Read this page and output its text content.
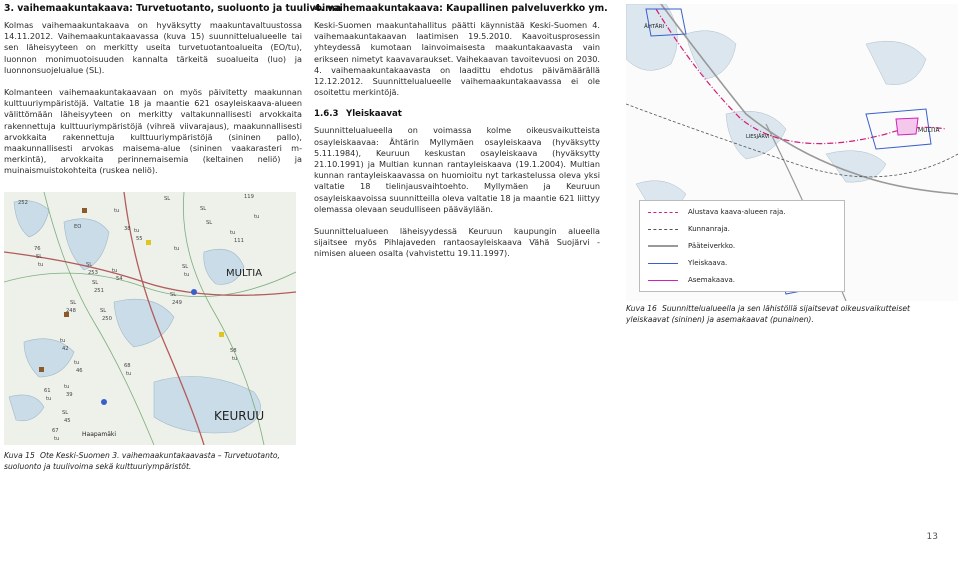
3. vaihemaakuntakaava: Turvetuotanto, suoluonto ja tuulivoima

Kolmas vaihemaakuntakaava on hyväksytty maakuntavaltuustossa 14.11.2012. Vaihemaakuntakaavassa (kuva 15) suunnittelualueelle tai sen läheisyyteen on merkitty useita turvetuotantoalueita (EO/tu), luonnon monimuotoisuuden kannalta tärkeitä suoalueita (luo) ja luonnonsuojelualue (SL).

Kolmanteen vaihemaakuntakaavaan on myös päivitetty maakunnan kulttuuriympäristöjä. Valtatie 18 ja maantie 621 osayleiskaava-alueen välittömään läheisyyteen on merkitty valtakunnallisesti arvokkaita rakennettuja kulttuuriympäristöjä (vihreä viivarajaus), maakunnallisesti arvokkaita rakennettuja kulttuuriympäristöjä (sininen pallo), maakunnallisesti arvokas maisema-alue (sininen vaakarasteri m-merkintä), arvokkaita perinnemaisemia (keltainen neliö) ja muinaismuistokohteita (ruskea neliö).

252
SL	119
tu	SL
tu
EO	38
SL
tu
111
tu
SL
253
SL
251
SL
248
tu
54
SL
250
SL
249
tu
42
tu
46
tu
39
SL
45
tu
55
SL
tu
61
tu
67
tu
68
tu
58
tu
76
SL
tu
MULTIA
KEURUU
Haapamäki
Kuva 15 Ote Keski-Suomen 3. vaihemaakuntakaavasta – Turvetuotanto, suoluonto ja tuulivoima sekä kulttuuriympäristöt.
4. vaihemaakuntakaava: Kaupallinen palveluverkko ym.

Keski-Suomen maakuntahallitus päätti käynnistää Keski-Suomen 4. vaihemaakuntakaavan laatimisen 19.5.2010. Kaavoitusprosessin yhteydessä kumotaan lainvoimaisesta maakuntakaavasta vain erikseen nimetyt kaavavaraukset. Vaihekaavan tavoitevuosi on 2030. 4. vaihemaakuntakaavasta on laadittu ehdotus päivämäärällä 12.12.2012. Suunnittelualueelle vaihemaakuntakaavassa ei ole osoitettu merkintöjä.

1.6.3 Yleiskaavat

Suunnittelualueella on voimassa kolme oikeusvaikutteista osayleiskaavaa: Ähtärin Myllymäen osayleiskaava (hyväksytty 5.11.1984), Keuruun keskustan osayleiskaava (hyväksytty 21.10.1991) ja Multian kunnan rantayleiskaava (19.1.2004). Multian kunnan rantayleiskaavassa on huomioitu nyt tarkastelussa oleva yksi valtatie 18 tielinjausvaihtoehto. Myllymäen ja Keuruun osayleiskaavoissa suunnitteilla oleva valtatie 18 ja maantie 621 liittyy olemassa olevaan seudulliseen pääväylään.

Suunnittelualueen läheisyydessä Keuruun kaupungin alueella sijaitsee myös Pihlajaveden rantaosayleiskaava Vähä Suojärvi -nimisen alueen osalta (vahvistettu 19.11.1997).

ÄHTÄRI
MULTIA
LIESJÄRVI
Alustava kaava-alueen raja.
Kunnanraja.
Pääteiverkko.
Yleiskaava.
Asemakaava.
Kuva 16 Suunnittelualueella ja sen lähistöllä sijaitsevat oikeusvaikutteiset yleiskaavat (sininen) ja asemakaavat (punainen).
13
